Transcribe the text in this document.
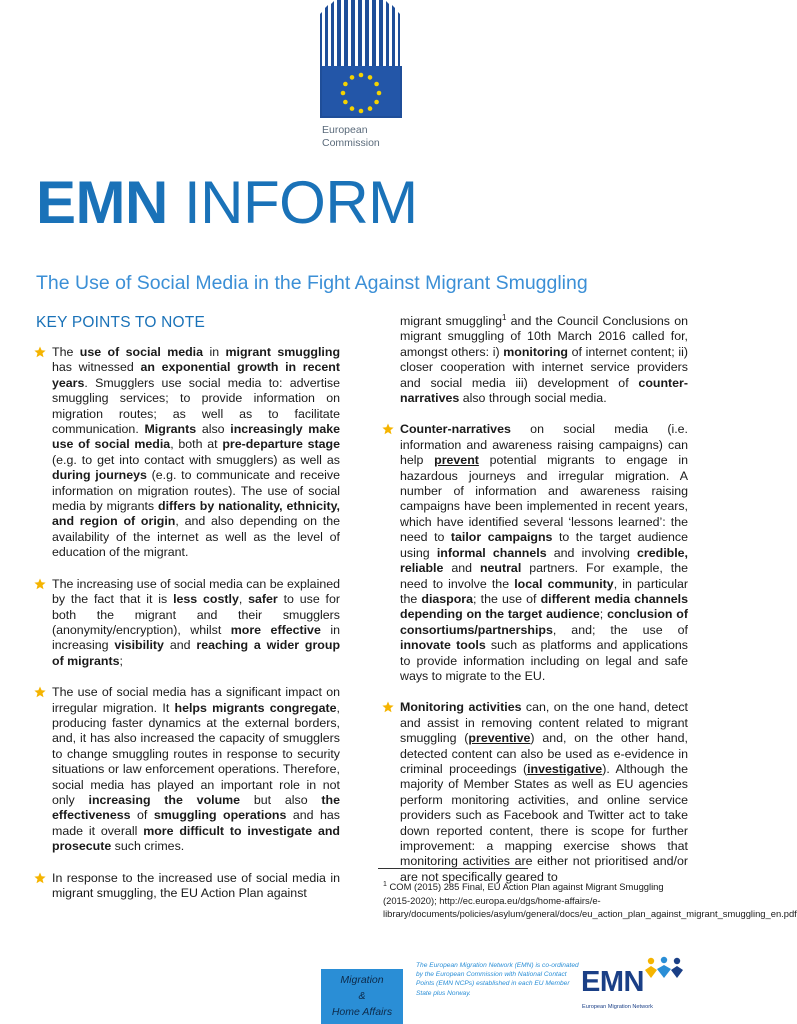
European
Commission
EMN INFORM
The Use of Social Media in the Fight Against Migrant Smuggling
KEY POINTS TO NOTE

The use of social media in migrant smuggling has witnessed an exponential growth in recent years. Smugglers use social media to: advertise smuggling services; to provide information on migration routes; as well as to facilitate communication. Migrants also increasingly make use of social media, both at pre-departure stage (e.g. to get into contact with smugglers) as well as during journeys (e.g. to communicate and receive information on migration routes). The use of social media by migrants differs by nationality, ethnicity, and region of origin, and also depending on the availability of the internet as well as the level of education of the migrant.

The increasing use of social media can be explained by the fact that it is less costly, safer to use for both the migrant and their smugglers (anonymity/encryption), whilst more effective in increasing visibility and reaching a wider group of migrants;

The use of social media has a significant impact on irregular migration. It helps migrants congregate, producing faster dynamics at the external borders, and, it has also increased the capacity of smugglers to change smuggling routes in response to security situations or law enforcement operations. Therefore, social media has played an important role in not only increasing the volume but also the effectiveness of smuggling operations and has made it overall more difficult to investigate and prosecute such crimes.

In response to the increased use of social media in migrant smuggling, the EU Action Plan against

migrant smuggling$^1$ and the Council Conclusions on migrant smuggling of 10th March 2016 called for, amongst others: i) monitoring of internet content; ii) closer cooperation with internet service providers and social media iii) development of counter-narratives also through social media.

Counter-narratives on social media (i.e. information and awareness raising campaigns) can help prevent potential migrants to engage in hazardous journeys and irregular migration. A number of information and awareness raising campaigns have been implemented in recent years, which have identified several ‘lessons learned’: the need to tailor campaigns to the target audience using informal channels and involving credible, reliable and neutral partners. For example, the need to involve the local community, in particular the diaspora; the use of different media channels depending on the target audience; conclusion of consortiums/partnerships, and; the use of innovate tools such as platforms and applications to provide information including on legal and safe ways to migrate to the EU.

Monitoring activities can, on the one hand, detect and assist in removing content related to migrant smuggling (preventive) and, on the other hand, detected content can also be used as e-evidence in criminal proceedings (investigative). Although the majority of Member States as well as EU agencies perform monitoring activities, and online service providers such as Facebook and Twitter act to take down reported content, there is scope for further improvement: a mapping exercise shows that monitoring activities are either not prioritised and/or are not specifically geared to

$^1$ COM (2015) 285 Final, EU Action Plan against Migrant Smuggling (2015-2020); http://ec.europa.eu/dgs/home-affairs/e-library/documents/policies/asylum/general/docs/eu_action_plan_against_migrant_smuggling_en.pdf
Migration
&
Home Affairs
The European Migration Network (EMN) is co-ordinated by the European Commission with National Contact Points (EMN NCPs) established in each EU Member State plus Norway.	EMN
European Migration Network
